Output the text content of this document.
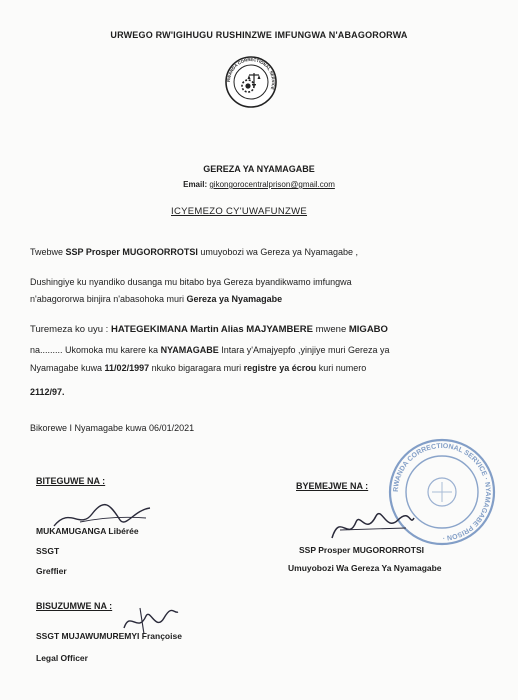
URWEGO RW'IGIHUGU RUSHINZWE IMFUNGWA N'ABAGORORWA
RWANDA CORRECTIONAL SERVICE
GEREZA YA NYAMAGABE
Email: gikongorocentralprison@gmail.com
ICYEMEZO CY'UWAFUNZWE
Twebwe SSP Prosper MUGORORROTSI umuyobozi wa Gereza ya Nyamagabe ,
Dushingiye ku nyandiko dusanga mu bitabo bya Gereza byandikwamo imfungwa
n'abagororwa binjira n'abasohoka muri Gereza ya Nyamagabe
Turemeza ko uyu : HATEGEKIMANA Martin Alias MAJYAMBERE mwene MIGABO
na......... Ukomoka mu karere ka NYAMAGABE Intara y'Amajyepfo ,yinjiye muri Gereza ya
Nyamagabe kuwa 11/02/1997 nkuko bigaragara muri registre ya écrou kuri numero
2112/97.
Bikorewe I Nyamagabe kuwa 06/01/2021
BITEGUWE NA :
MUKAMUGANGA Libérée
SSGT
Greffier
BYEMEJWE NA :	RWANDA CORRECTIONAL SERVICE · NYAMAGABE PRISON ·
SSP Prosper MUGORORROTSI
Umuyobozi Wa Gereza Ya Nyamagabe
BISUZUMWE NA :
SSGT MUJAWUMUREMYI Françoise
Legal Officer
